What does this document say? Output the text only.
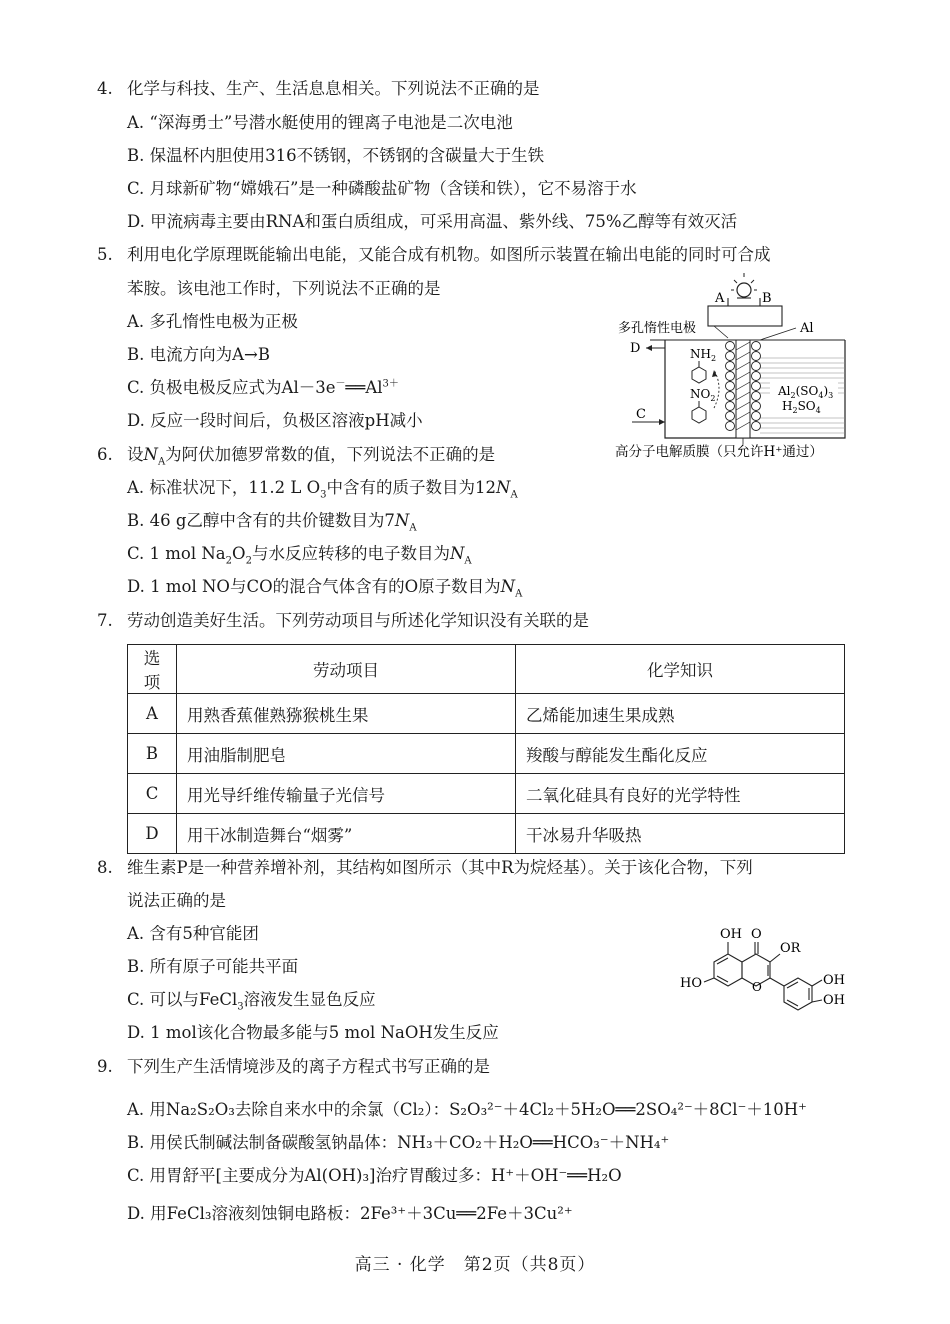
4. 化学与科技、生产、生活息息相关。下列说法不正确的是
A. “深海勇士”号潜水艇使用的锂离子电池是二次电池
B. 保温杯内胆使用316不锈钢，不锈钢的含碳量大于生铁
C. 月球新矿物“嫦娥石”是一种磷酸盐矿物（含镁和铁），它不易溶于水
D. 甲流病毒主要由RNA和蛋白质组成，可采用高温、紫外线、75%乙醇等有效灭活
5. 利用电化学原理既能输出电能，又能合成有机物。如图所示装置在输出电能的同时可合成
苯胺。该电池工作时，下列说法不正确的是
A. 多孔惰性电极为正极
B. 电流方向为A→B
C. 负极电极反应式为$Al-3e^-══Al^{3+}$
D. 反应一段时间后，负极区溶液pH减小
A	B
多孔惰性电极	Al
$Al_2(SO_4)_3$
$H_2SO_4$
D
C
$NH_2$
$NO_2$
高分子电解质膜（只允许H⁺通过）
6. 设$N_A$为阿伏加德罗常数的值，下列说法不正确的是
A. 标准状况下，11.2 L $O_3$中含有的质子数目为$12N_A$
B. 46 g乙醇中含有的共价键数目为$7N_A$
C. 1 mol $Na_2O_2$与水反应转移的电子数目为$N_A$
D. 1 mol NO与CO的混合气体含有的O原子数目为$N_A$
7. 劳动创造美好生活。下列劳动项目与所述化学知识没有关联的是
选项	劳动项目	化学知识
A	用熟香蕉催熟猕猴桃生果	乙烯能加速生果成熟
B	用油脂制肥皂	羧酸与醇能发生酯化反应
C	用光导纤维传输量子光信号	二氧化硅具有良好的光学特性
D	用干冰制造舞台“烟雾”	干冰易升华吸热
8. 维生素P是一种营养增补剂，其结构如图所示（其中R为烷烃基）。关于该化合物，下列
说法正确的是
A. 含有5种官能团
B. 所有原子可能共平面
C. 可以与FeCl$_3$溶液发生显色反应
D. 1 mol该化合物最多能与5 mol NaOH发生反应
OH O
OR
HO	O	OH
OH
9. 下列生产生活情境涉及的离子方程式书写正确的是
A. 用Na₂S₂O₃去除自来水中的余氯（Cl₂）：S₂O₃²⁻＋4Cl₂＋5H₂O══2SO₄²⁻＋8Cl⁻＋10H⁺
B. 用侯氏制碱法制备碳酸氢钠晶体：NH₃＋CO₂＋H₂O══HCO₃⁻＋NH₄⁺
C. 用胃舒平[主要成分为Al(OH)₃]治疗胃酸过多：H⁺＋OH⁻══H₂O
D. 用FeCl₃溶液刻蚀铜电路板：2Fe³⁺＋3Cu══2Fe＋3Cu²⁺
高三 · 化学　第2页（共8页）
